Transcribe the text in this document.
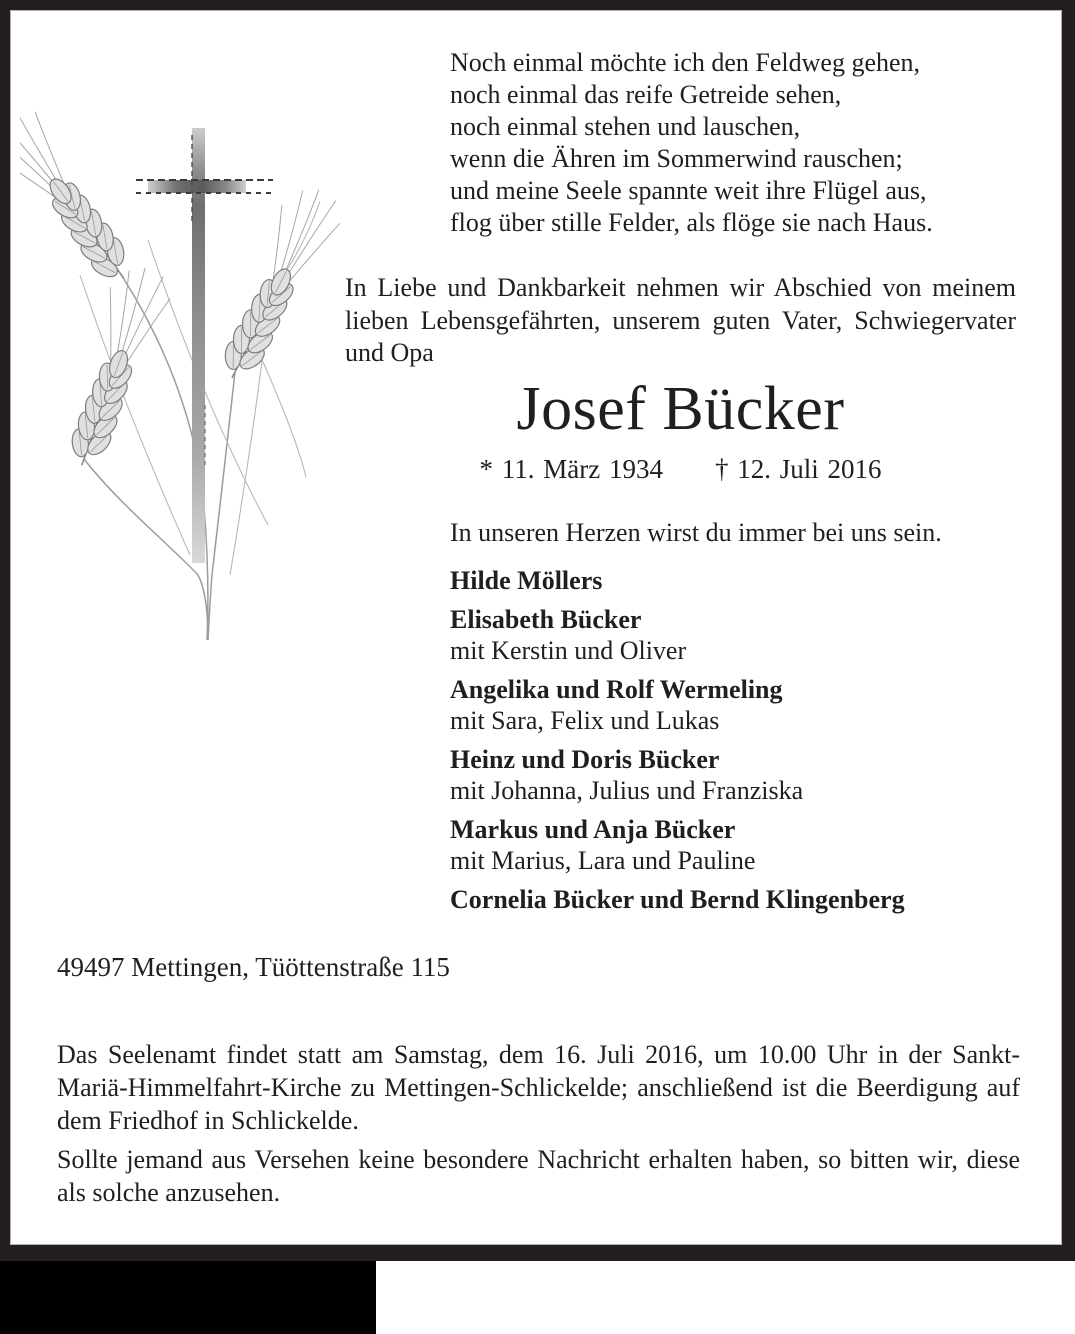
Noch einmal möchte ich den Feldweg gehen,
noch einmal das reife Getreide sehen,
noch einmal stehen und lauschen,
wenn die Ähren im Sommerwind rauschen;
und meine Seele spannte weit ihre Flügel aus,
flog über stille Felder, als flöge sie nach Haus.
In Liebe und Dankbarkeit nehmen wir Abschied von meinem lieben Lebensgefährten, unserem guten Vater, Schwiegervater und Opa
Josef Bücker
* 11. März 1934 † 12. Juli 2016
In unseren Herzen wirst du immer bei uns sein.
Hilde Möllers
Elisabeth Bücker
mit Kerstin und Oliver
Angelika und Rolf Wermeling
mit Sara, Felix und Lukas
Heinz und Doris Bücker
mit Johanna, Julius und Franziska
Markus und Anja Bücker
mit Marius, Lara und Pauline
Cornelia Bücker und Bernd Klingenberg
49497 Mettingen, Tüöttenstraße 115
Das Seelenamt findet statt am Samstag, dem 16. Juli 2016, um 10.00 Uhr in der Sankt-Mariä-Himmelfahrt-Kirche zu Mettingen-Schlickelde; anschließend ist die Beerdigung auf dem Friedhof in Schlickelde.
Sollte jemand aus Versehen keine besondere Nachricht erhalten haben, so bitten wir, diese als solche anzusehen.
